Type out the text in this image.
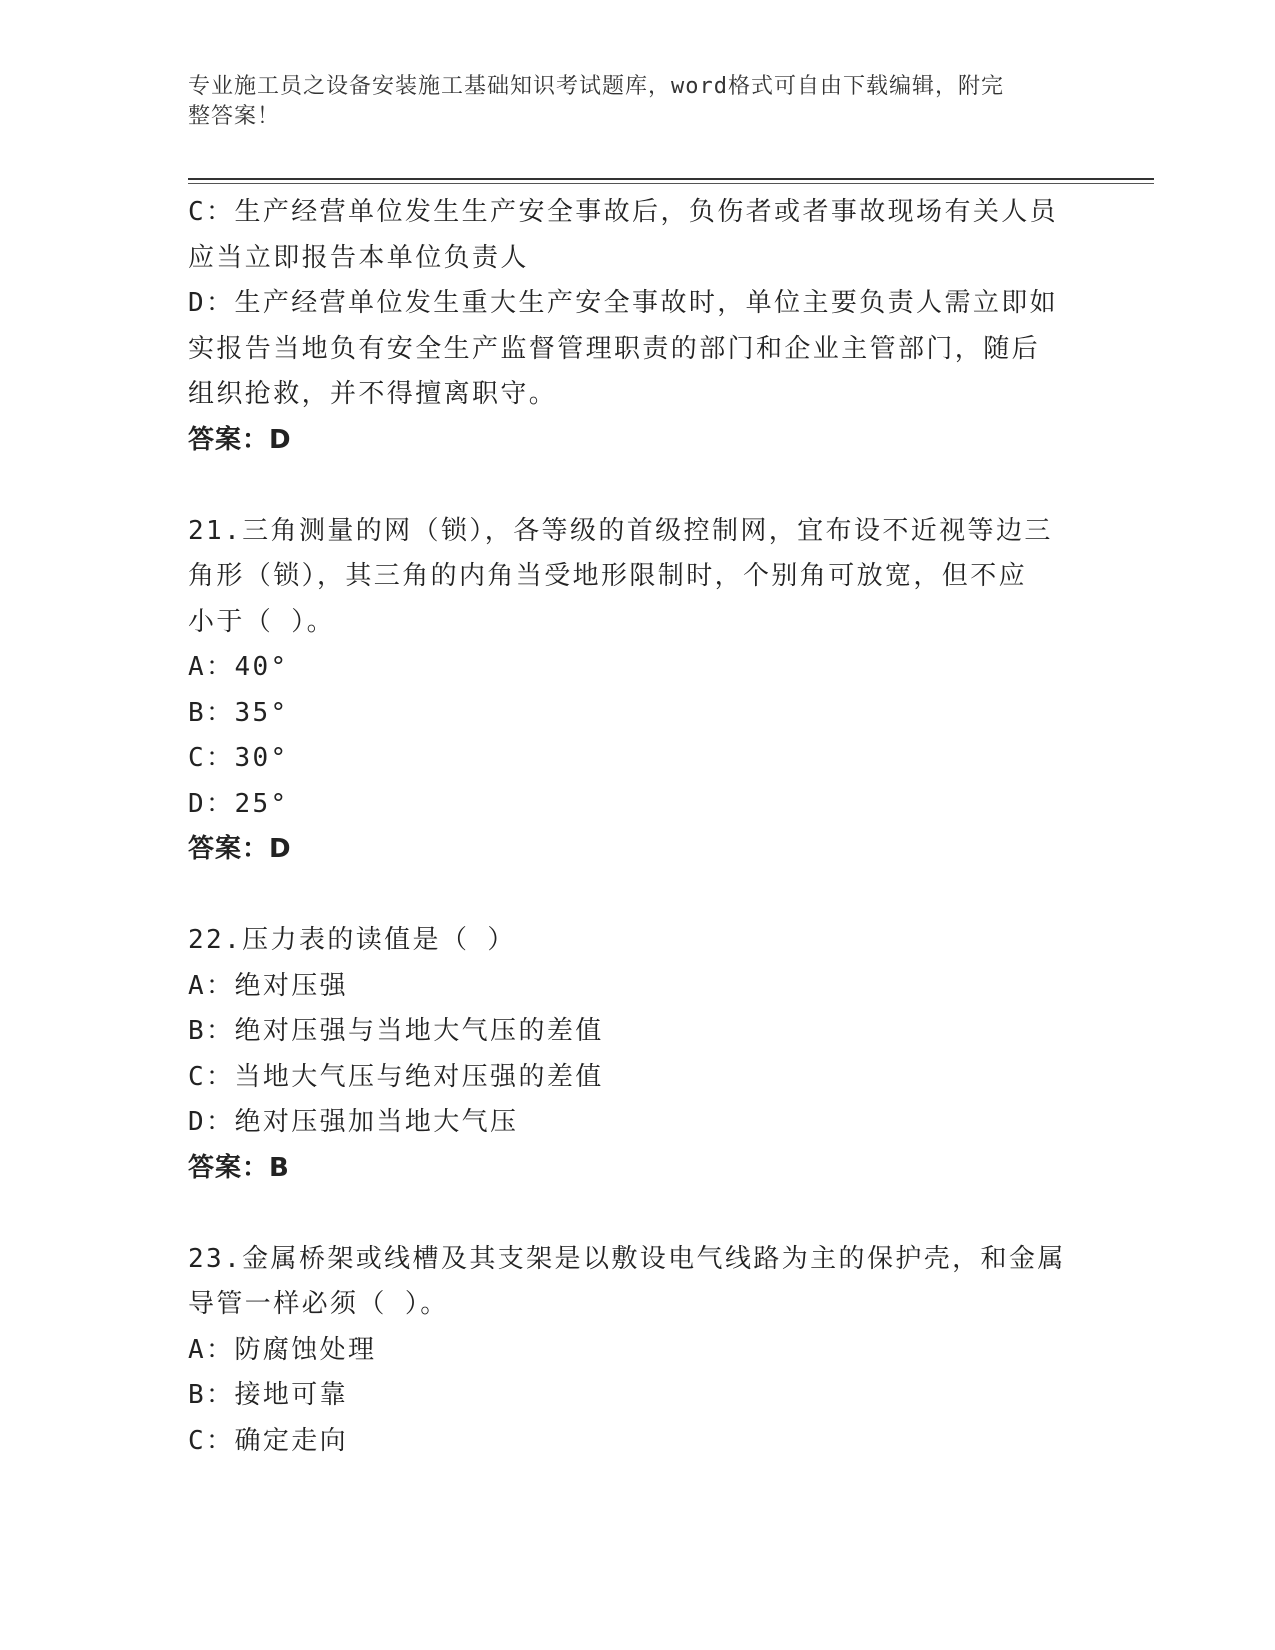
专业施工员之设备安装施工基础知识考试题库，word格式可自由下载编辑，附完
整答案！
C：生产经营单位发生生产安全事故后，负伤者或者事故现场有关人员
应当立即报告本单位负责人
D：生产经营单位发生重大生产安全事故时，单位主要负责人需立即如
实报告当地负有安全生产监督管理职责的部门和企业主管部门，随后
组织抢救，并不得擅离职守。
答案：D
21.三角测量的网（锁），各等级的首级控制网，宜布设不近视等边三
角形（锁），其三角的内角当受地形限制时，个别角可放宽，但不应
小于（ ）。
A：40°
B：35°
C：30°
D：25°
答案：D
22.压力表的读值是（ ）
A：绝对压强
B：绝对压强与当地大气压的差值
C：当地大气压与绝对压强的差值
D：绝对压强加当地大气压
答案：B
23.金属桥架或线槽及其支架是以敷设电气线路为主的保护壳，和金属
导管一样必须（ ）。
A：防腐蚀处理
B：接地可靠
C：确定走向
